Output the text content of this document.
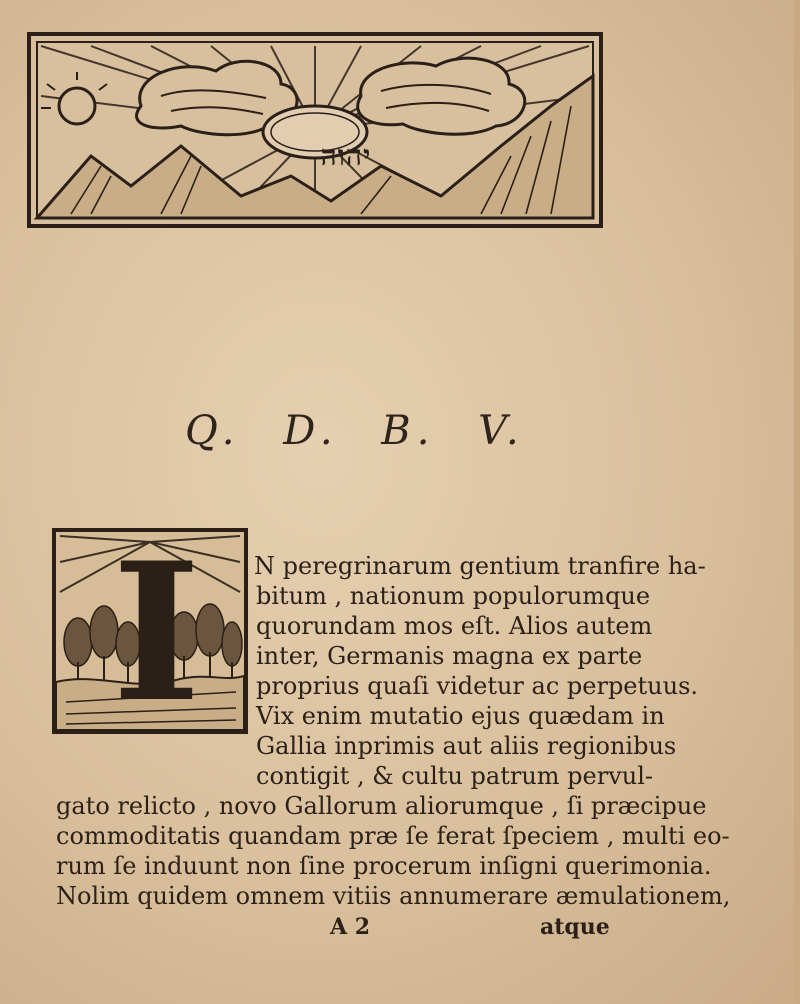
יהוה
Q. D. B. V.
I N peregrinarum gentium tranfire ha-
bitum , nationum populorumque
quorundam mos eſt. Alios autem
inter, Germanis magna ex parte
proprius quaſi videtur ac perpetuus.
Vix enim mutatio ejus quædam in
Gallia inprimis aut aliis regionibus
contigit , & cultu patrum pervul-
gato relicto , novo Gallorum aliorumque , ſi præcipue
commoditatis quandam præ ſe ferat ſpeciem , multi eo-
rum ſe induunt non ſine procerum inſigni querimonia.
Nolim quidem omnem vitiis annumerare æmulationem,
A 2	atque
